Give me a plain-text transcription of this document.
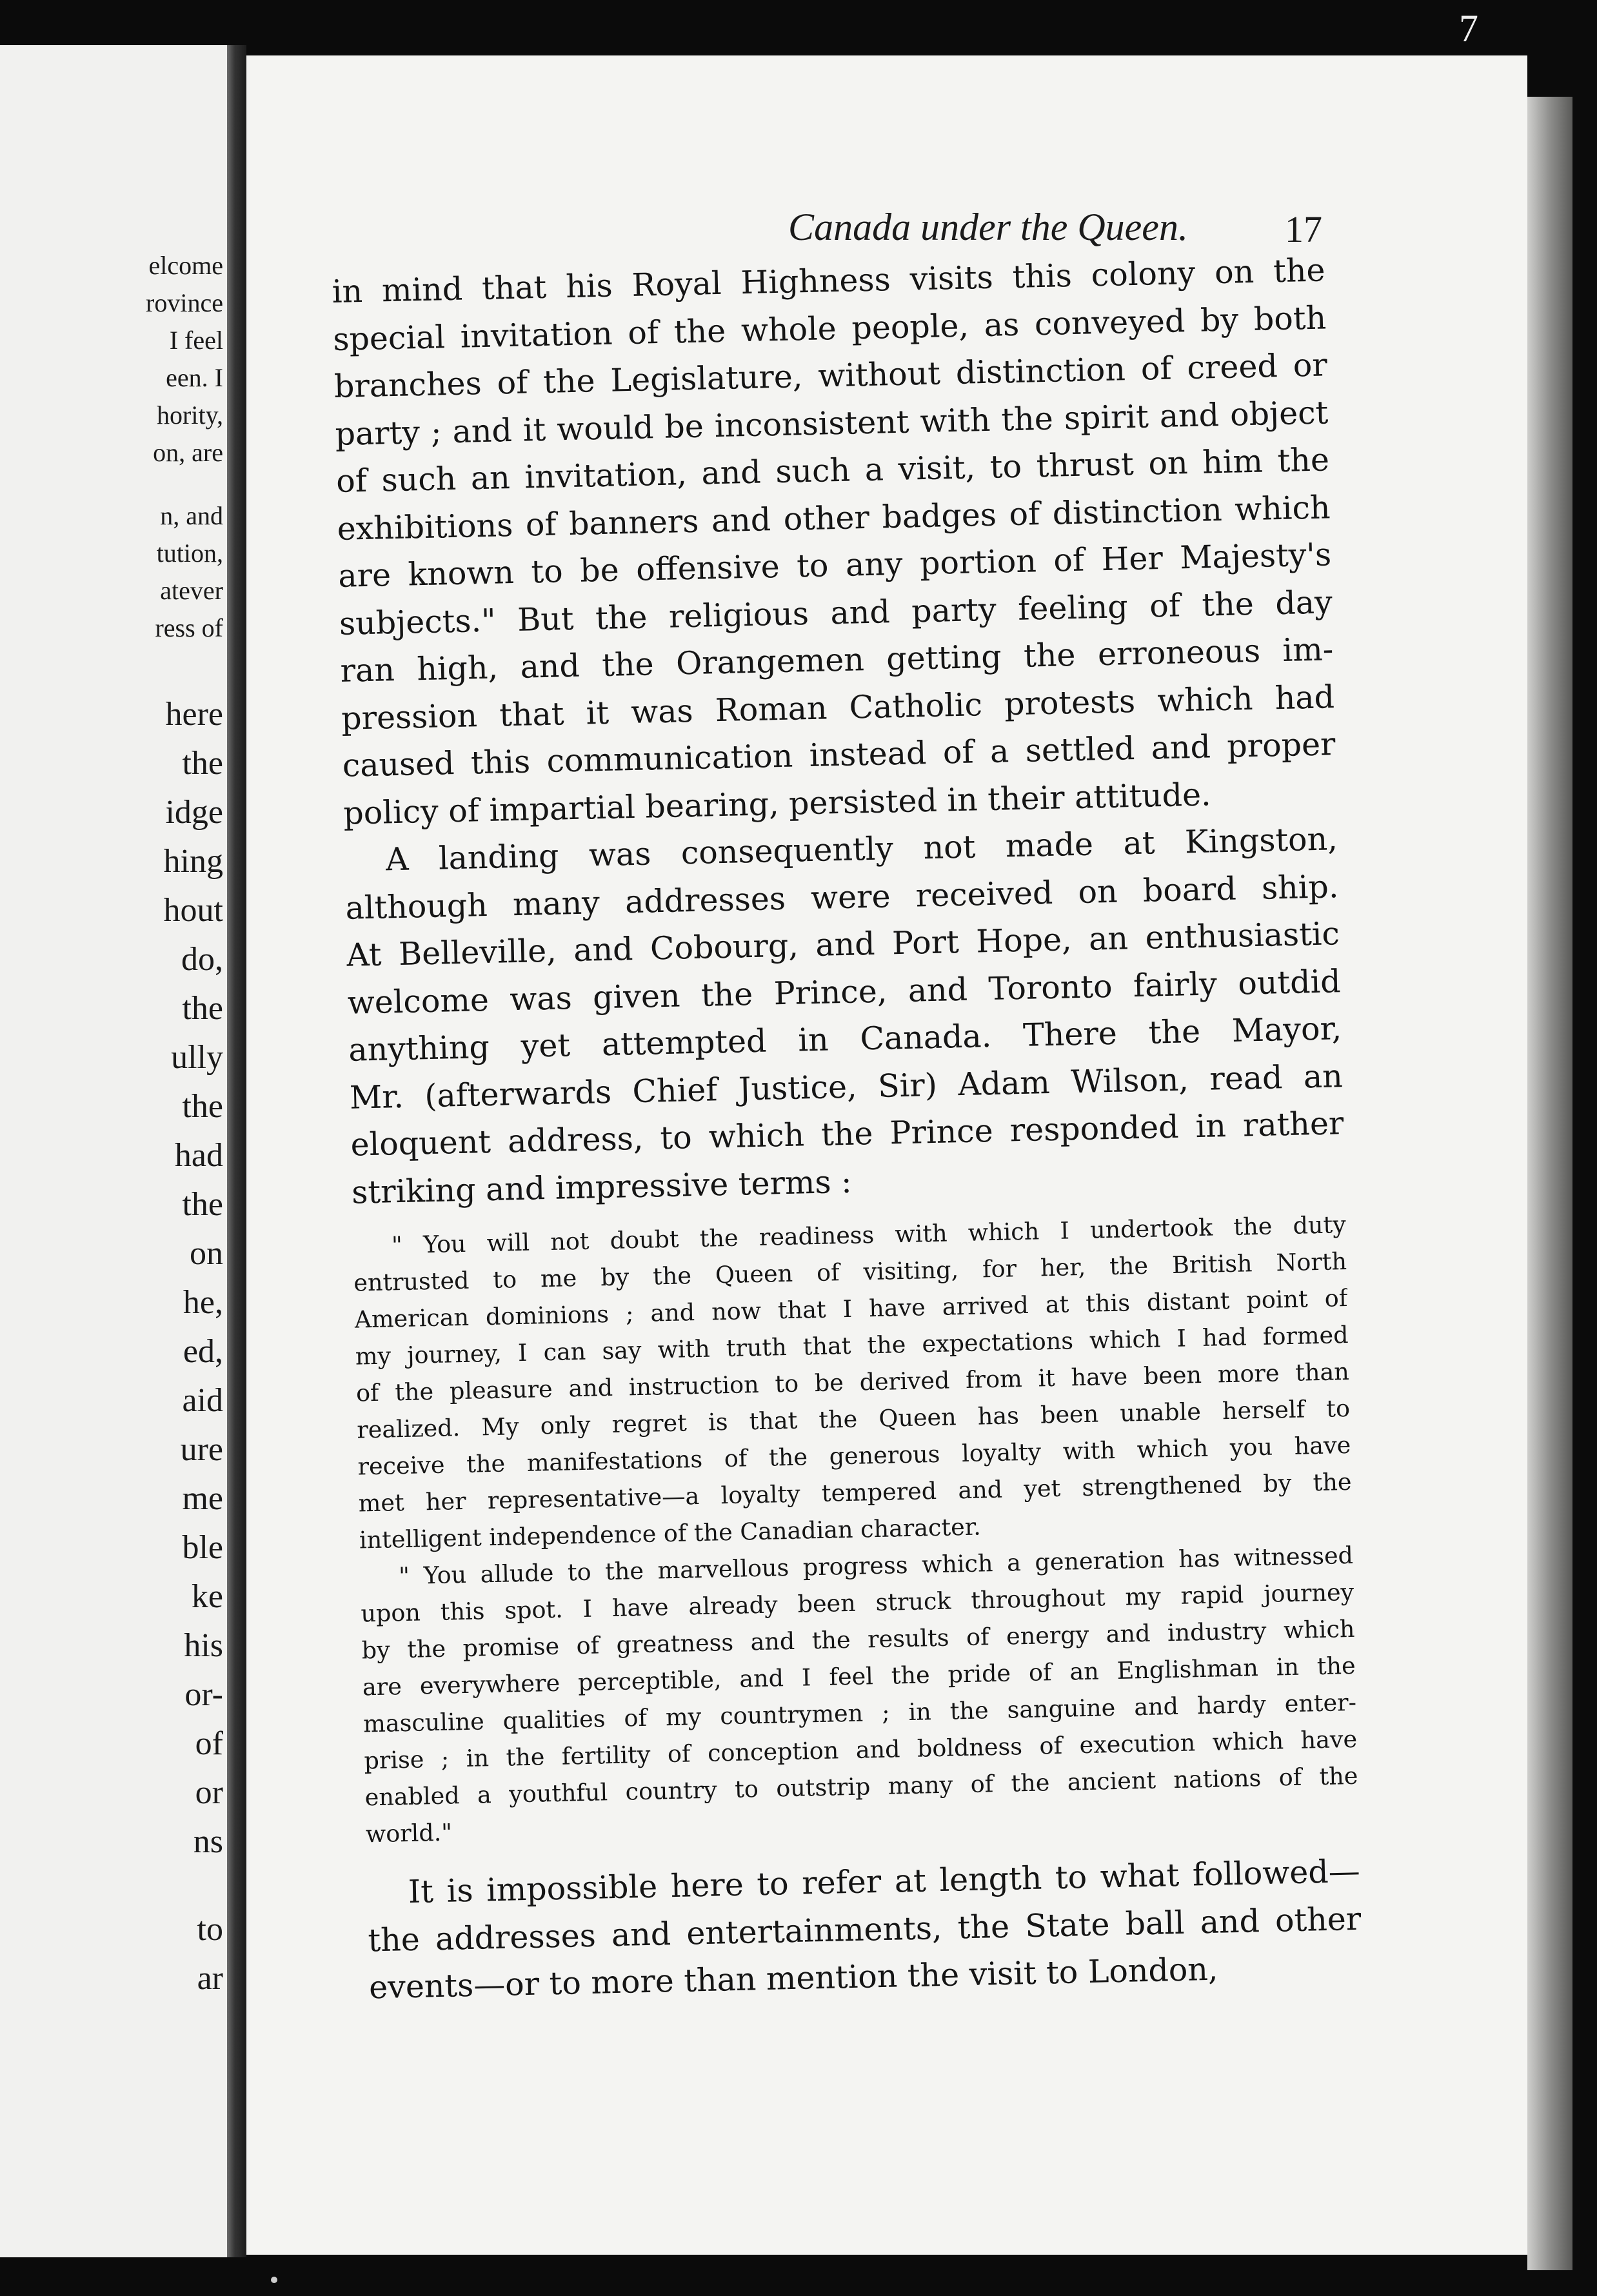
7
elcome
rovince
I feel
een. I
hority,
on, are
n, and
tution,
atever
ress of
here
the
idge
hing
hout
do,
the
ully
the
had
the
on
he,
ed,
aid
ure
me
ble
ke
his
or-
of
or
ns
to
ar
Canada under the Queen.	17
in mind that his Royal Highness visits this colony on the
special invitation of the whole people, as conveyed by both
branches of the Legislature, without distinction of creed or
party ; and it would be inconsistent with the spirit and object
of such an invitation, and such a visit, to thrust on him the
exhibitions of banners and other badges of distinction which
are known to be offensive to any portion of Her Majesty's
subjects." But the religious and party feeling of the day
ran high, and the Orangemen getting the erroneous im-
pression that it was Roman Catholic protests which had
caused this communication instead of a settled and proper
policy of impartial bearing, persisted in their attitude.
A landing was consequently not made at Kingston,
although many addresses were received on board ship.
At Belleville, and Cobourg, and Port Hope, an enthusiastic
welcome was given the Prince, and Toronto fairly outdid
anything yet attempted in Canada. There the Mayor,
Mr. (afterwards Chief Justice, Sir) Adam Wilson, read an
eloquent address, to which the Prince responded in rather
striking and impressive terms :
" You will not doubt the readiness with which I undertook the duty
entrusted to me by the Queen of visiting, for her, the British North
American dominions ; and now that I have arrived at this distant point of
my journey, I can say with truth that the expectations which I had formed
of the pleasure and instruction to be derived from it have been more than
realized. My only regret is that the Queen has been unable herself to
receive the manifestations of the generous loyalty with which you have
met her representative—a loyalty tempered and yet strengthened by the
intelligent independence of the Canadian character.
" You allude to the marvellous progress which a generation has witnessed
upon this spot. I have already been struck throughout my rapid journey
by the promise of greatness and the results of energy and industry which
are everywhere perceptible, and I feel the pride of an Englishman in the
masculine qualities of my countrymen ; in the sanguine and hardy enter-
prise ; in the fertility of conception and boldness of execution which have
enabled a youthful country to outstrip many of the ancient nations of the
world."
It is impossible here to refer at length to what followed—
the addresses and entertainments, the State ball and other
events—or to more than mention the visit to London,
